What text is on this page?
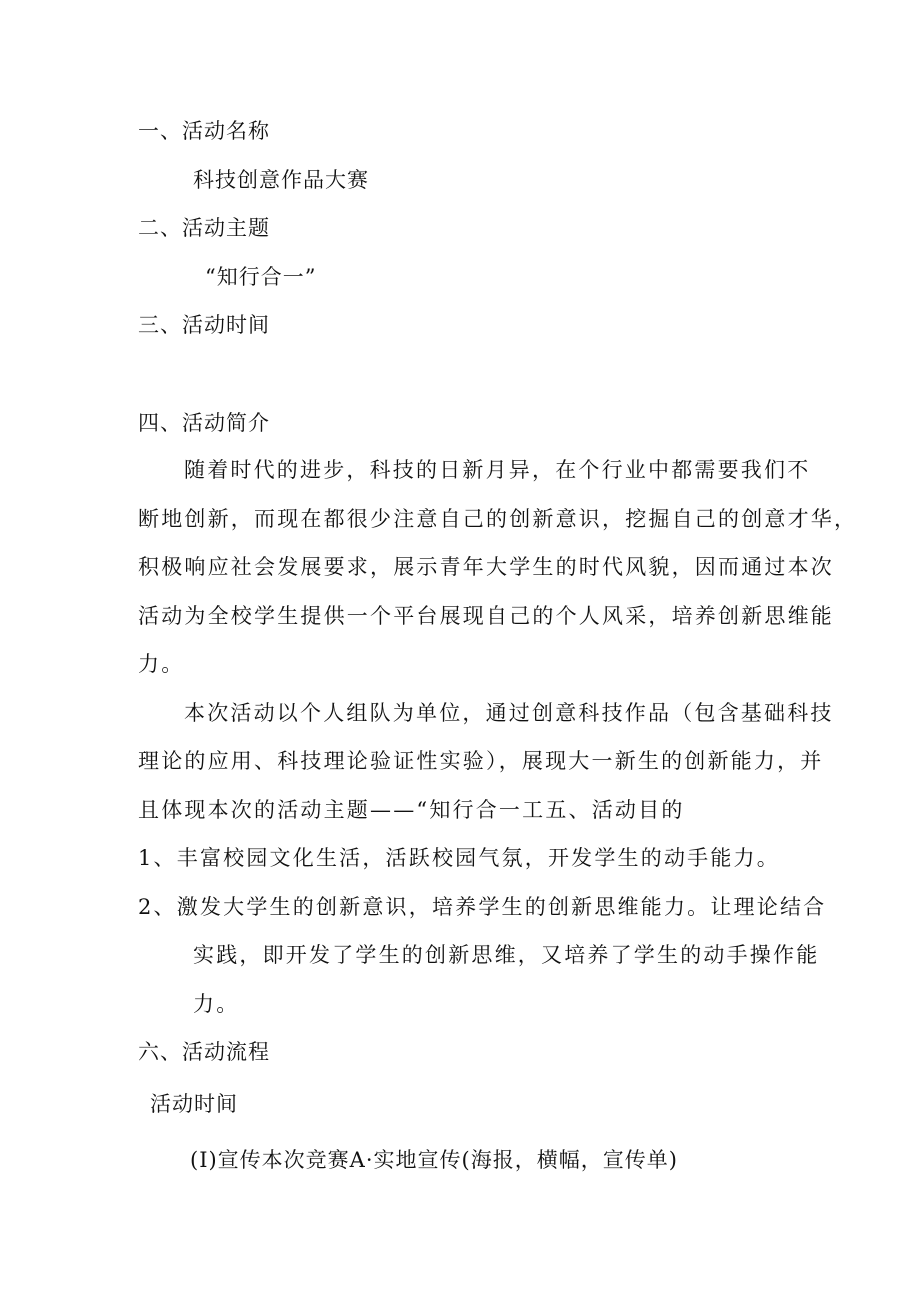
一、活动名称
科技创意作品大赛
二、活动主题
“知行合一”
三、活动时间
四、活动简介
随着时代的进步，科技的日新月异，在个行业中都需要我们不
断地创新，而现在都很少注意自己的创新意识，挖掘自己的创意才华，
积极响应社会发展要求，展示青年大学生的时代风貌，因而通过本次
活动为全校学生提供一个平台展现自己的个人风采，培养创新思维能
力。
本次活动以个人组队为单位，通过创意科技作品（包含基础科技
理论的应用、科技理论验证性实验），展现大一新生的创新能力，并
且体现本次的活动主题——“知行合一工五、活动目的
1、丰富校园文化生活，活跃校园气氛，开发学生的动手能力。
2、激发大学生的创新意识，培养学生的创新思维能力。让理论结合
实践，即开发了学生的创新思维，又培养了学生的动手操作能
力。
六、活动流程
活动时间
(I)宣传本次竞赛A·实地宣传(海报，横幅，宣传单)
